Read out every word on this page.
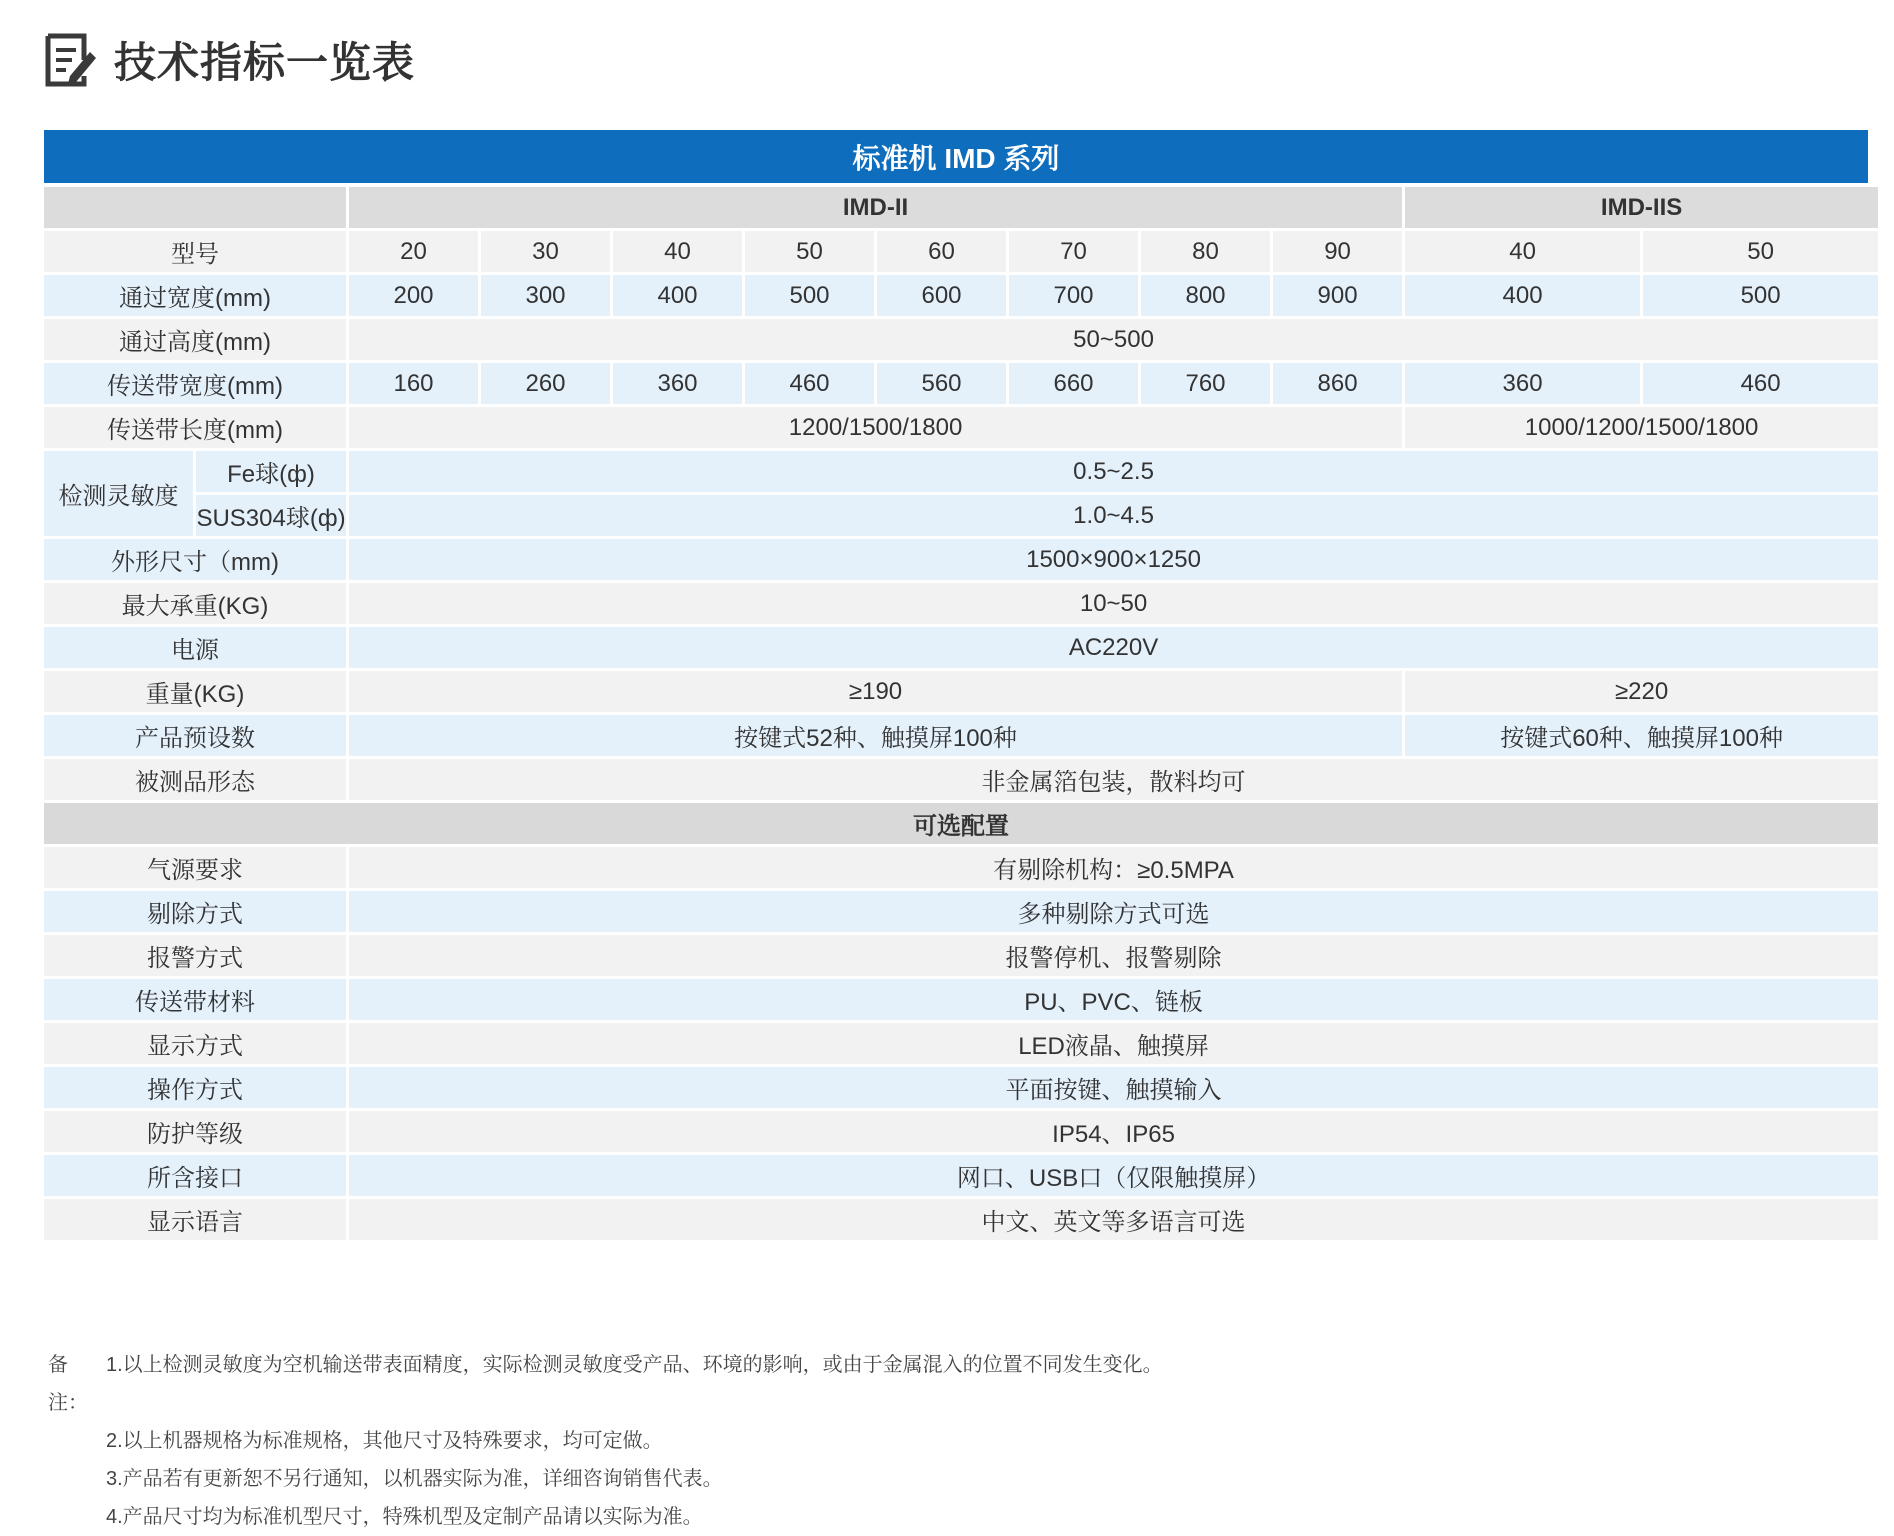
技术指标一览表
标准机 IMD 系列
		IMD-II								IMD-IIS	
型号		20	30	40	50	60	70	80	90	40	50
通过宽度(mm)		200	300	400	500	600	700	800	900	400	500
通过高度(mm)		50~500									
传送带宽度(mm)		160	260	360	460	560	660	760	860	360	460
传送带长度(mm)		1200/1500/1800								1000/1200/1500/1800	
检测灵敏度	Fe球(ф)	0.5~2.5									
	SUS304球(ф)	1.0~4.5									
外形尺寸（mm)		1500×900×1250									
最大承重(KG)		10~50									
电源		AC220V									
重量(KG)		≥190								≥220	
产品预设数		按键式52种、触摸屏100种								按键式60种、触摸屏100种	
被测品形态		非金属箔包装，散料均可									
可选配置											
气源要求		有剔除机构：≥0.5MPA									
剔除方式		多种剔除方式可选									
报警方式		报警停机、报警剔除									
传送带材料		PU、PVC、链板									
显示方式		LED液晶、触摸屏									
操作方式		平面按键、触摸输入									
防护等级		IP54、IP65									
所含接口		网口、USB口（仅限触摸屏）									
显示语言		中文、英文等多语言可选									
备注：
1.以上检测灵敏度为空机输送带表面精度，实际检测灵敏度受产品、环境的影响，或由于金属混入的位置不同发生变化。
2.以上机器规格为标准规格，其他尺寸及特殊要求，均可定做。
3.产品若有更新恕不另行通知，以机器实际为准，详细咨询销售代表。
4.产品尺寸均为标准机型尺寸，特殊机型及定制产品请以实际为准。
